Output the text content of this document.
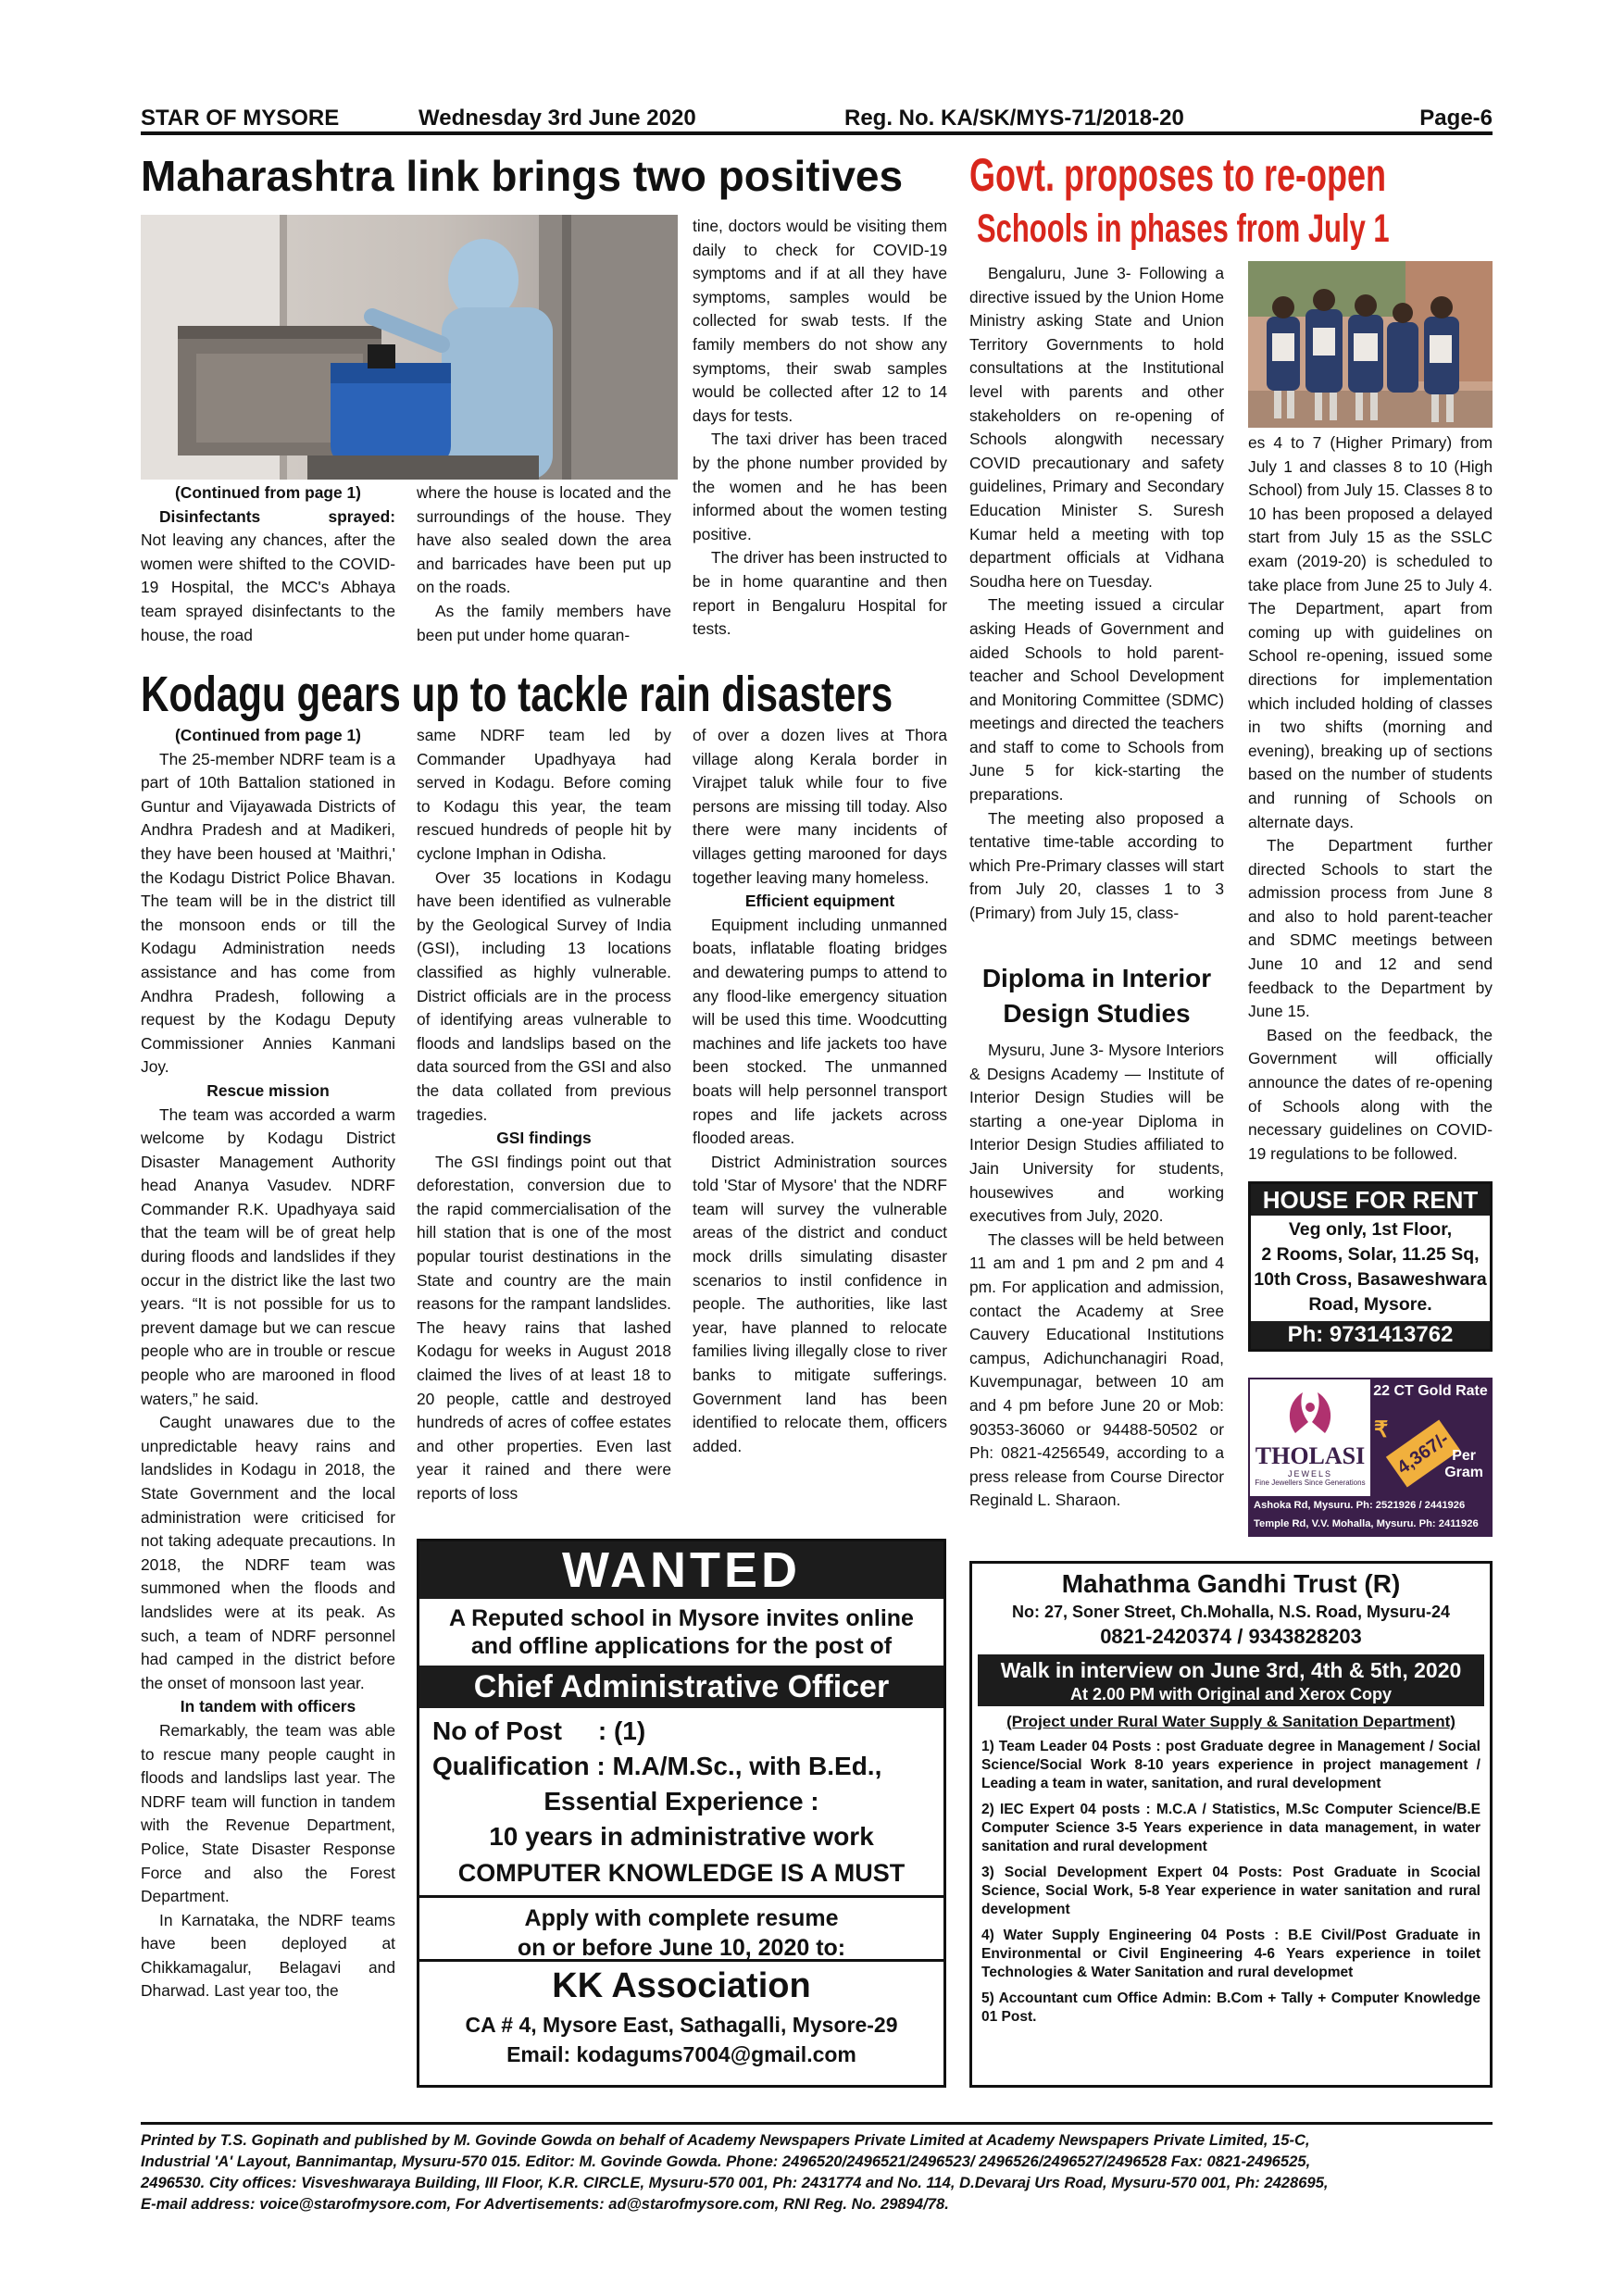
STAR OF MYSORE	Wednesday 3rd June 2020	Reg. No. KA/SK/MYS-71/2018-20	Page-6
Maharashtra link brings two positives

(Continued from page 1)

Disinfectants sprayed:

Not leaving any chances, after the women were shifted to the COVID-19 Hospital, the MCC's Abhaya team sprayed disinfectants to the house, the road

where the house is located and the surroundings of the house. They have also sealed down the area and barricades have been put up on the roads.

As the family members have been put under home quaran-

tine, doctors would be visiting them daily to check for COVID-19 symptoms and if at all they have symptoms, samples would be collected for swab tests. If the family members do not show any symptoms, their swab samples would be collected after 12 to 14 days for tests.

The taxi driver has been traced by the phone number provided by the women and he has been informed about the women testing positive.

The driver has been instructed to be in home quarantine and then report in Bengaluru Hospital for tests.

Govt. proposes to re-open
Schools in phases from July 1

Bengaluru, June 3- Following a directive issued by the Union Home Ministry asking State and Union Territory Governments to hold consultations at the Institutional level with parents and other stakeholders on re-opening of Schools alongwith necessary COVID precautionary and safety guidelines, Primary and Secondary Education Minister S. Suresh Kumar held a meeting with top department officials at Vidhana Soudha here on Tuesday.

The meeting issued a circular asking Heads of Government and aided Schools to hold parent-teacher and School Development and Monitoring Committee (SDMC) meetings and directed the teachers and staff to come to Schools from June 5 for kick-starting the preparations.

The meeting also proposed a tentative time-table according to which Pre-Primary classes will start from July 20, classes 1 to 3 (Primary) from July 15, class-

es 4 to 7 (Higher Primary) from July 1 and classes 8 to 10 (High School) from July 15. Classes 8 to 10 has been proposed a delayed start from July 15 as the SSLC exam (2019-20) is scheduled to take place from June 25 to July 4. The Department, apart from coming up with guidelines on School re-opening, issued some directions for implementation which included holding of classes in two shifts (morning and evening), breaking up of sections based on the number of students and running of Schools on alternate days.

The Department further directed Schools to start the admission process from June 8 and also to hold parent-teacher and SDMC meetings between June 10 and 12 and send feedback to the Department by June 15.

Based on the feedback, the Government will officially announce the dates of re-opening of Schools along with the necessary guidelines on COVID-19 regulations to be followed.

Kodagu gears up to tackle rain disasters

(Continued from page 1)

The 25-member NDRF team is a part of 10th Battalion stationed in Guntur and Vijayawada Districts of Andhra Pradesh and at Madikeri, they have been housed at 'Maithri,' the Kodagu District Police Bhavan. The team will be in the district till the monsoon ends or till the Kodagu Administration needs assistance and has come from Andhra Pradesh, following a request by the Kodagu Deputy Commissioner Annies Kanmani Joy.

Rescue mission

The team was accorded a warm welcome by Kodagu District Disaster Management Authority head Ananya Vasudev. NDRF Commander R.K. Upadhyaya said that the team will be of great help during floods and landslides if they occur in the district like the last two years. “It is not possible for us to prevent damage but we can rescue people who are in trouble or rescue people who are marooned in flood waters,” he said.

Caught unawares due to the unpredictable heavy rains and landslides in Kodagu in 2018, the State Government and the local administration were criticised for not taking adequate precautions. In 2018, the NDRF team was summoned when the floods and landslides were at its peak. As such, a team of NDRF personnel had camped in the district before the onset of monsoon last year.

In tandem with officers

Remarkably, the team was able to rescue many people caught in floods and landslips last year. The NDRF team will function in tandem with the Revenue Department, Police, State Disaster Response Force and also the Forest Department.

In Karnataka, the NDRF teams have been deployed at Chikkamagalur, Belagavi and Dharwad. Last year too, the

same NDRF team led by Commander Upadhyaya had served in Kodagu. Before coming to Kodagu this year, the team rescued hundreds of people hit by cyclone Imphan in Odisha.

Over 35 locations in Kodagu have been identified as vulnerable by the Geological Survey of India (GSI), including 13 locations classified as highly vulnerable. District officials are in the process of identifying areas vulnerable to floods and landslips based on the data sourced from the GSI and also the data collated from previous tragedies.

GSI findings

The GSI findings point out that deforestation, conversion due to the rapid commercialisation of the hill station that is one of the most popular tourist destinations in the State and country are the main reasons for the rampant landslides. The heavy rains that lashed Kodagu for weeks in August 2018 claimed the lives of at least 18 to 20 people, cattle and destroyed hundreds of acres of coffee estates and other properties. Even last year it rained and there were reports of loss

of over a dozen lives at Thora village along Kerala border in Virajpet taluk while four to five persons are missing till today. Also there were many incidents of villages getting marooned for days together leaving many homeless.

Efficient equipment

Equipment including unmanned boats, inflatable floating bridges and dewatering pumps to attend to any flood-like emergency situation will be used this time. Woodcutting machines and life jackets too have been stocked. The unmanned boats will help personnel transport ropes and life jackets across flooded areas.

District Administration sources told 'Star of Mysore' that the NDRF team will survey the vulnerable areas of the district and conduct mock drills simulating disaster scenarios to instil confidence in people. The authorities, like last year, have planned to relocate families living illegally close to river banks to mitigate sufferings. Government land has been identified to relocate them, officers added.

Diploma in Interior Design Studies

Mysuru, June 3- Mysore Interiors & Designs Academy — Institute of Interior Design Studies will be starting a one-year Diploma in Interior Design Studies affiliated to Jain University for students, housewives and working executives from July, 2020.

The classes will be held between 11 am and 1 pm and 2 pm and 4 pm. For application and admission, contact the Academy at Sree Cauvery Educational Institutions campus, Adichunchanagiri Road, Kuvempunagar, between 10 am and 4 pm before June 20 or Mob: 90353-36060 or 94488-50502 or Ph: 0821-4256549, according to a press release from Course Director Reginald L. Sharaon.

HOUSE FOR RENT
Veg only, 1st Floor,
2 Rooms, Solar, 11.25 Sq,
10th Cross, Basaweshwara
Road, Mysore.
Ph: 9731413762
22 CT Gold Rate
THOLASI
JEWELS
Fine Jewellers Since Generations
₹ 4,367/- Per
Gram
Ashoka Rd, Mysuru. Ph: 2521926 / 2441926
Temple Rd, V.V. Mohalla, Mysuru. Ph: 2411926
WANTED
A Reputed school in Mysore invites online
and offline applications for the post of
Chief Administrative Officer
No of Post     : (1)
Qualification : M.A/M.Sc., with B.Ed.,
Essential Experience :
10 years in administrative work
COMPUTER KNOWLEDGE IS A MUST
Apply with complete resume
on or before June 10, 2020 to:
KK Association
CA # 4, Mysore East, Sathagalli, Mysore-29
Email: kodagums7004@gmail.com
Mahathma Gandhi Trust (R)
No: 27, Soner Street, Ch.Mohalla, N.S. Road, Mysuru-24
0821-2420374 / 9343828203
Walk in interview on June 3rd, 4th & 5th, 2020
At 2.00 PM with Original and Xerox Copy
(Project under Rural Water Supply & Sanitation Department)
1) Team Leader 04 Posts : post Graduate degree in Management / Social Science/Social Work 8-10 years experience in project management / Leading a team in water, sanitation, and rural development
2) IEC Expert 04 posts : M.C.A / Statistics, M.Sc Computer Science/B.E Computer Science 3-5 Years experience in data management, in water sanitation and rural development
3) Social Development Expert 04 Posts: Post Graduate in Scocial Science, Social Work, 5-8 Year experience in water sanitation and rural development
4) Water Supply Engineering 04 Posts : B.E Civil/Post Graduate in Environmental or Civil Engineering 4-6 Years experience in toilet Technologies & Water Sanitation and rural developmet
5) Accountant cum Office Admin: B.Com + Tally + Computer Knowledge 01 Post.
Printed by T.S. Gopinath and published by M. Govinde Gowda on behalf of Academy Newspapers Private Limited at Academy Newspapers Private Limited, 15-C,
Industrial 'A' Layout, Bannimantap, Mysuru-570 015. Editor: M. Govinde Gowda. Phone: 2496520/2496521/2496523/ 2496526/2496527/2496528 Fax: 0821-2496525,
2496530. City offices: Visveshwaraya Building, III Floor, K.R. CIRCLE, Mysuru-570 001, Ph: 2431774 and No. 114, D.Devaraj Urs Road, Mysuru-570 001, Ph: 2428695,
E-mail address: voice@starofmysore.com, For Advertisements: ad@starofmysore.com, RNI Reg. No. 29894/78.
